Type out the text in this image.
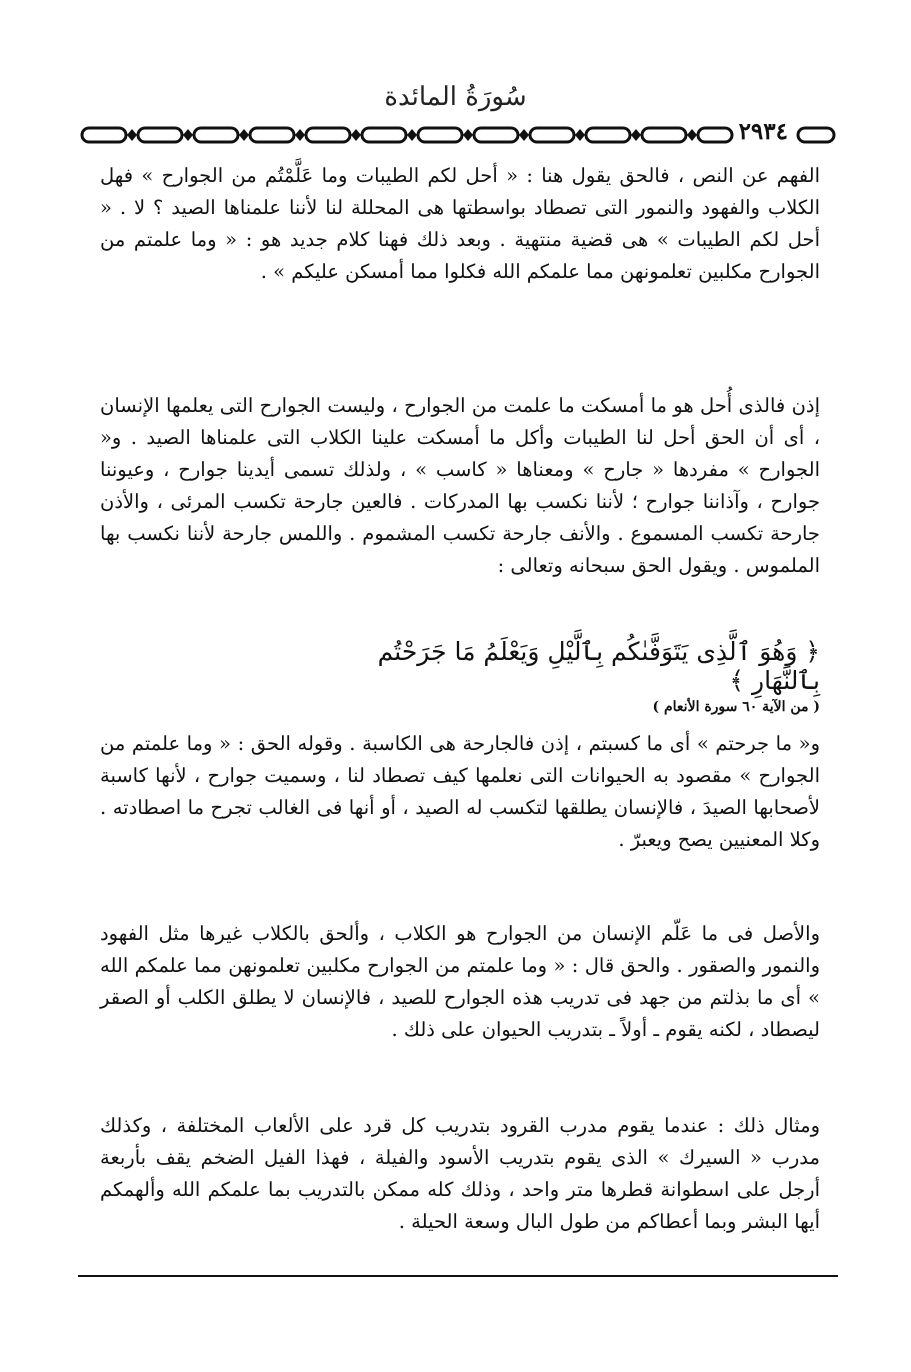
سُورَةُ المائدة
٢٩٣٤

الفهم عن النص ، فالحق يقول هنا : « أحل لكم الطيبات وما عَلَّمْتُم من الجوارح » فهل الكلاب والفهود والنمور التى تصطاد بواسطتها هى المحللة لنا لأننا علمناها الصيد ؟ لا . « أحل لكم الطيبات » هى قضية منتهية . وبعد ذلك فهنا كلام جديد هو : « وما علمتم من الجوارح مكلبين تعلمونهن مما علمكم الله فكلوا مما أمسكن عليكم » .

إذن فالذى أُحل هو ما أمسكت ما علمت من الجوارح ، وليست الجوارح التى يعلمها الإنسان ، أى أن الحق أحل لنا الطيبات وأكل ما أمسكت علينا الكلاب التى علمناها الصيد . و« الجوارح » مفردها « جارح » ومعناها « كاسب » ، ولذلك تسمى أيدينا جوارح ، وعيوننا جوارح ، وآذاننا جوارح ؛ لأننا نكسب بها المدركات . فالعين جارحة تكسب المرئى ، والأذن جارحة تكسب المسموع . والأنف جارحة تكسب المشموم . واللمس جارحة لأننا نكسب بها الملموس . ويقول الحق سبحانه وتعالى :

﴿ وَهُوَ ٱلَّذِى يَتَوَفَّىٰكُم بِٱلَّيْلِ وَيَعْلَمُ مَا جَرَحْتُم بِٱلنَّهَارِ ﴾
( من الآية ٦٠ سورة الأنعام )

و« ما جرحتم » أى ما كسبتم ، إذن فالجارحة هى الكاسبة . وقوله الحق : « وما علمتم من الجوارح » مقصود به الحيوانات التى نعلمها كيف تصطاد لنا ، وسميت جوارح ، لأنها كاسبة لأصحابها الصيدَ ، فالإنسان يطلقها لتكسب له الصيد ، أو أنها فى الغالب تجرح ما اصطادته . وكلا المعنيين يصح ويعبرّ .

والأصل فى ما عَلّم الإنسان من الجوارح هو الكلاب ، وألحق بالكلاب غيرها مثل الفهود والنمور والصقور . والحق قال : « وما علمتم من الجوارح مكلبين تعلمونهن مما علمكم الله » أى ما بذلتم من جهد فى تدريب هذه الجوارح للصيد ، فالإنسان لا يطلق الكلب أو الصقر ليصطاد ، لكنه يقوم ـ أولاً ـ بتدريب الحيوان على ذلك .

ومثال ذلك : عندما يقوم مدرب القرود بتدريب كل قرد على الألعاب المختلفة ، وكذلك مدرب « السيرك » الذى يقوم بتدريب الأسود والفيلة ، فهذا الفيل الضخم يقف بأربعة أرجل على اسطوانة قطرها متر واحد ، وذلك كله ممكن بالتدريب بما علمكم الله وألهمكم أيها البشر وبما أعطاكم من طول البال وسعة الحيلة .
